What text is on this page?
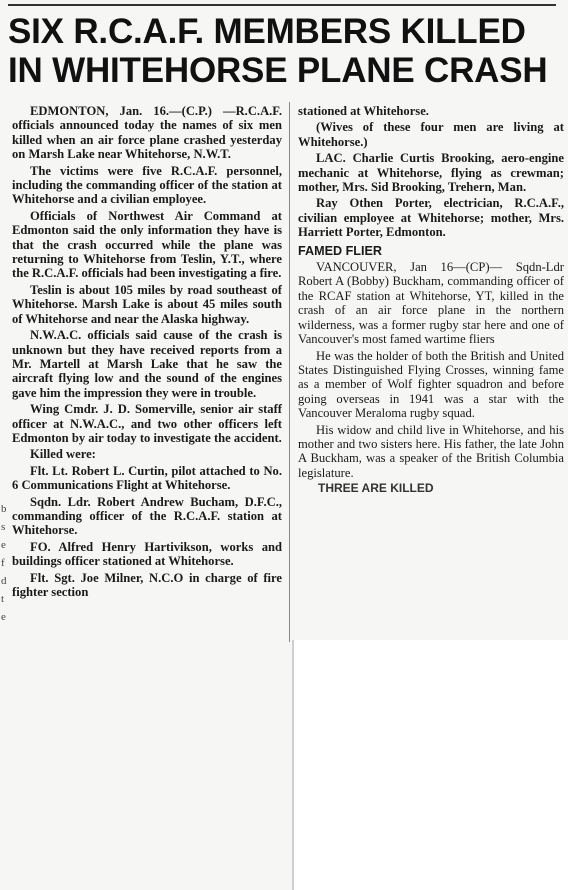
SIX R.C.A.F. MEMBERS KILLED
IN WHITEHORSE PLANE CRASH

EDMONTON, Jan. 16.—(C.P.) —R.C.A.F. officials announced today the names of six men killed when an air force plane crashed yesterday on Marsh Lake near Whitehorse, N.W.T.

The victims were five R.C.A.F. personnel, including the commanding officer of the station at Whitehorse and a civilian employee.

Officials of Northwest Air Command at Edmonton said the only information they have is that the crash occurred while the plane was returning to Whitehorse from Teslin, Y.T., where the R.C.A.F. officials had been investigating a fire.

Teslin is about 105 miles by road southeast of Whitehorse. Marsh Lake is about 45 miles south of Whitehorse and near the Alaska highway.

N.W.A.C. officials said cause of the crash is unknown but they have received reports from a Mr. Martell at Marsh Lake that he saw the aircraft flying low and the sound of the engines gave him the impression they were in trouble.

Wing Cmdr. J. D. Somerville, senior air staff officer at N.W.A.C., and two other officers left Edmonton by air today to investigate the accident.

Killed were:

Flt. Lt. Robert L. Curtin, pilot attached to No. 6 Communications Flight at Whitehorse.

Sqdn. Ldr. Robert Andrew Bucham, D.F.C., commanding officer of the R.C.A.F. station at Whitehorse.

FO. Alfred Henry Hartivikson, works and buildings officer stationed at Whitehorse.

Flt. Sgt. Joe Milner, N.C.O in charge of fire fighter section

stationed at Whitehorse.

(Wives of these four men are living at Whitehorse.)

LAC. Charlie Curtis Brooking, aero-engine mechanic at Whitehorse, flying as crewman; mother, Mrs. Sid Brooking, Trehern, Man.

Ray Othen Porter, electrician, R.C.A.F., civilian employee at Whitehorse; mother, Mrs. Harriett Porter, Edmonton.

FAMED FLIER

VANCOUVER, Jan 16—(CP)— Sqdn-Ldr Robert A (Bobby) Buckham, commanding officer of the RCAF station at Whitehorse, YT, killed in the crash of an air force plane in the northern wilderness, was a former rugby star here and one of Vancouver's most famed wartime fliers

He was the holder of both the British and United States Distinguished Flying Crosses, winning fame as a member of Wolf fighter squadron and before going overseas in 1941 was a star with the Vancouver Meraloma rugby squad.

His widow and child live in Whitehorse, and his mother and two sisters here. His father, the late John A Buckham, was a speaker of the British Columbia legislature.

b
s
e
f
d
t
e
